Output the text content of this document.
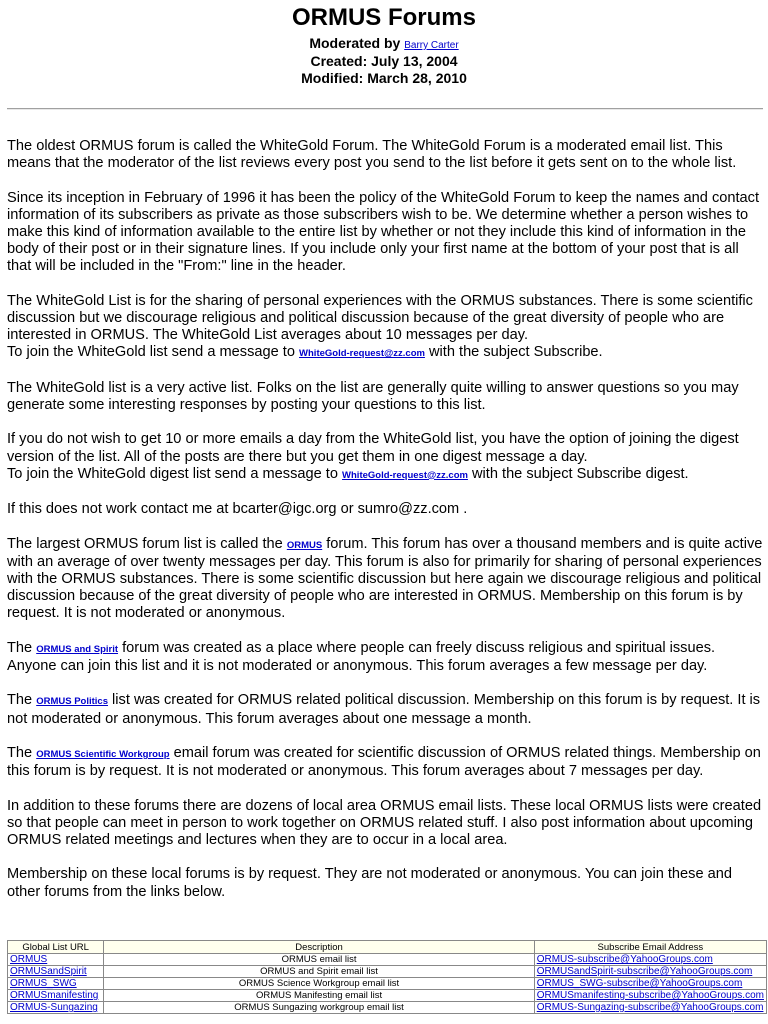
ORMUS Forums
Moderated by Barry Carter
Created: July 13, 2004
Modified: March 28, 2010

The oldest ORMUS forum is called the WhiteGold Forum. The WhiteGold Forum is a moderated email list. This means that the moderator of the list reviews every post you send to the list before it gets sent on to the whole list.

Since its inception in February of 1996 it has been the policy of the WhiteGold Forum to keep the names and contact information of its subscribers as private as those subscribers wish to be. We determine whether a person wishes to make this kind of information available to the entire list by whether or not they include this kind of information in the body of their post or in their signature lines. If you include only your first name at the bottom of your post that is all that will be included in the "From:" line in the header.

The WhiteGold List is for the sharing of personal experiences with the ORMUS substances. There is some scientific discussion but we discourage religious and political discussion because of the great diversity of people who are interested in ORMUS. The WhiteGold List averages about 10 messages per day.
To join the WhiteGold list send a message to WhiteGold-request@zz.com with the subject Subscribe.

The WhiteGold list is a very active list. Folks on the list are generally quite willing to answer questions so you may generate some interesting responses by posting your questions to this list.

If you do not wish to get 10 or more emails a day from the WhiteGold list, you have the option of joining the digest version of the list. All of the posts are there but you get them in one digest message a day.
To join the WhiteGold digest list send a message to WhiteGold-request@zz.com with the subject Subscribe digest.

If this does not work contact me at bcarter@igc.org or sumro@zz.com .

The largest ORMUS forum list is called the ORMUS forum. This forum has over a thousand members and is quite active with an average of over twenty messages per day. This forum is also for primarily for sharing of personal experiences with the ORMUS substances. There is some scientific discussion but here again we discourage religious and political discussion because of the great diversity of people who are interested in ORMUS. Membership on this forum is by request. It is not moderated or anonymous.

The ORMUS and Spirit forum was created as a place where people can freely discuss religious and spiritual issues. Anyone can join this list and it is not moderated or anonymous. This forum averages a few message per day.

The ORMUS Politics list was created for ORMUS related political discussion. Membership on this forum is by request. It is not moderated or anonymous. This forum averages about one message a month.

The ORMUS Scientific Workgroup email forum was created for scientific discussion of ORMUS related things. Membership on this forum is by request. It is not moderated or anonymous. This forum averages about 7 messages per day.

In addition to these forums there are dozens of local area ORMUS email lists. These local ORMUS lists were created so that people can meet in person to work together on ORMUS related stuff. I also post information about upcoming ORMUS related meetings and lectures when they are to occur in a local area.

Membership on these local forums is by request. They are not moderated or anonymous. You can join these and other forums from the links below.

Global List URL	Description	Subscribe Email Address
ORMUS	ORMUS email list	ORMUS-subscribe@YahooGroups.com
ORMUSandSpirit	ORMUS and Spirit email list	ORMUSandSpirit-subscribe@YahooGroups.com
ORMUS_SWG	ORMUS Science Workgroup email list	ORMUS_SWG-subscribe@YahooGroups.com
ORMUSmanifesting	ORMUS Manifesting email list	ORMUSmanifesting-subscribe@YahooGroups.com
ORMUS-Sungazing	ORMUS Sungazing workgroup email list	ORMUS-Sungazing-subscribe@YahooGroups.com
